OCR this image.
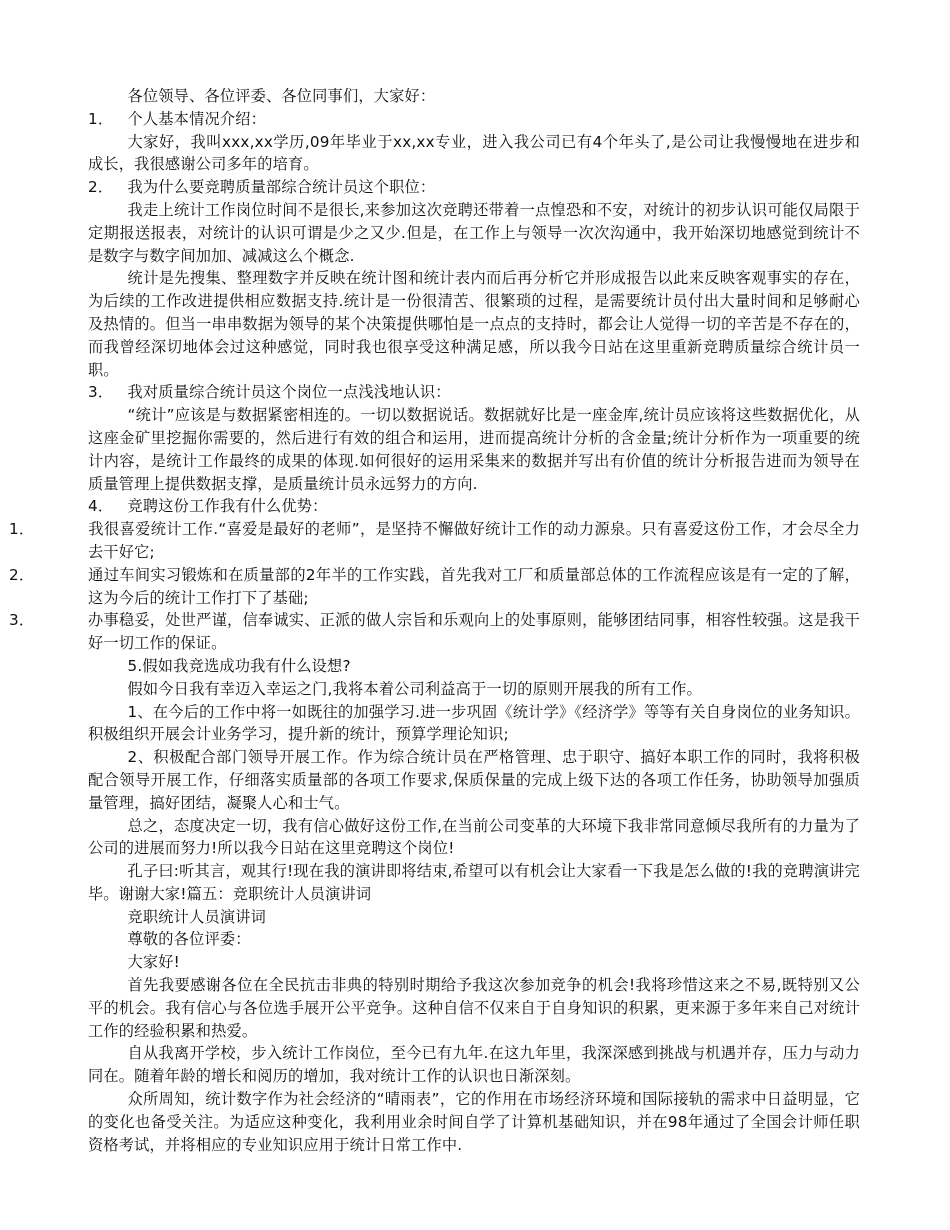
各位领导、各位评委、各位同事们，大家好：

1． 个人基本情况介绍：

大家好，我叫xxx,xx学历,09年毕业于xx,xx专业，进入我公司已有4个年头了,是公司让我慢慢地在进步和成长，我很感谢公司多年的培育。

2． 我为什么要竞聘质量部综合统计员这个职位：

我走上统计工作岗位时间不是很长,来参加这次竞聘还带着一点惶恐和不安，对统计的初步认识可能仅局限于定期报送报表，对统计的认识可谓是少之又少.但是，在工作上与领导一次次沟通中，我开始深切地感觉到统计不是数字与数字间加加、减减这么个概念.

统计是先搜集、整理数字并反映在统计图和统计表内而后再分析它并形成报告以此来反映客观事实的存在，为后续的工作改进提供相应数据支持.统计是一份很清苦、很繁琐的过程，是需要统计员付出大量时间和足够耐心及热情的。但当一串串数据为领导的某个决策提供哪怕是一点点的支持时，都会让人觉得一切的辛苦是不存在的，而我曾经深切地体会过这种感觉，同时我也很享受这种满足感，所以我今日站在这里重新竞聘质量综合统计员一职。

3． 我对质量综合统计员这个岗位一点浅浅地认识：

“统计”应该是与数据紧密相连的。一切以数据说话。数据就好比是一座金库,统计员应该将这些数据优化，从这座金矿里挖掘你需要的，然后进行有效的组合和运用，进而提高统计分析的含金量;统计分析作为一项重要的统计内容，是统计工作最终的成果的体现.如何很好的运用采集来的数据并写出有价值的统计分析报告进而为领导在质量管理上提供数据支撑，是质量统计员永远努力的方向.

4． 竞聘这份工作我有什么优势：

1．	我很喜爱统计工作.“喜爱是最好的老师”，是坚持不懈做好统计工作的动力源泉。只有喜爱这份工作，才会尽全力去干好它;

2．	通过车间实习锻炼和在质量部的2年半的工作实践，首先我对工厂和质量部总体的工作流程应该是有一定的了解，这为今后的统计工作打下了基础;

3．	办事稳妥，处世严谨，信奉诚实、正派的做人宗旨和乐观向上的处事原则，能够团结同事，相容性较强。这是我干好一切工作的保证。

5.假如我竞选成功我有什么设想?

假如今日我有幸迈入幸运之门,我将本着公司利益高于一切的原则开展我的所有工作。

1、在今后的工作中将一如既往的加强学习.进一步巩固《统计学》《经济学》等等有关自身岗位的业务知识。积极组织开展会计业务学习，提升新的统计，预算学理论知识;

2、积极配合部门领导开展工作。作为综合统计员在严格管理、忠于职守、搞好本职工作的同时，我将积极配合领导开展工作，仔细落实质量部的各项工作要求,保质保量的完成上级下达的各项工作任务，协助领导加强质量管理，搞好团结，凝聚人心和士气。

总之，态度决定一切，我有信心做好这份工作,在当前公司变革的大环境下我非常同意倾尽我所有的力量为了公司的进展而努力!所以我今日站在这里竞聘这个岗位!

孔子曰:听其言，观其行!现在我的演讲即将结束,希望可以有机会让大家看一下我是怎么做的!我的竞聘演讲完毕。谢谢大家!篇五：竞职统计人员演讲词

竞职统计人员演讲词

尊敬的各位评委：

大家好!

首先我要感谢各位在全民抗击非典的特别时期给予我这次参加竞争的机会!我将珍惜这来之不易,既特别又公平的机会。我有信心与各位选手展开公平竞争。这种自信不仅来自于自身知识的积累，更来源于多年来自己对统计工作的经验积累和热爱。

自从我离开学校，步入统计工作岗位，至今已有九年.在这九年里，我深深感到挑战与机遇并存，压力与动力同在。随着年龄的增长和阅历的增加，我对统计工作的认识也日渐深刻。

众所周知，统计数字作为社会经济的“晴雨表”，它的作用在市场经济环境和国际接轨的需求中日益明显，它的变化也备受关注。为适应这种变化，我利用业余时间自学了计算机基础知识，并在98年通过了全国会计师任职资格考试，并将相应的专业知识应用于统计日常工作中.
